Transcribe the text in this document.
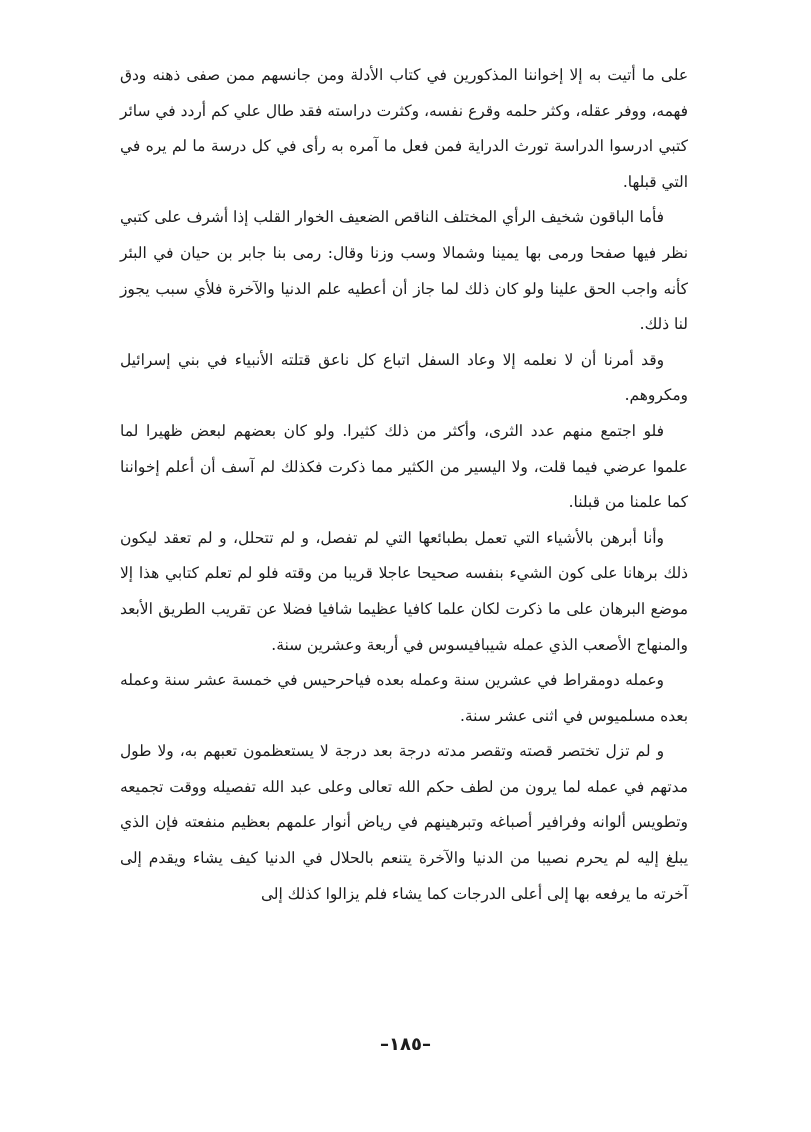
على ما أتيت به إلا إخواننا المذكورين في كتاب الأدلة ومن جانسهم ممن صفى ذهنه ودق فهمه، ووفر عقله، وكثر حلمه وقرع نفسه، وكثرت دراسته فقد طال علي كم أردد في سائر كتبي ادرسوا الدراسة تورث الدراية فمن فعل ما آمره به رأى في كل درسة ما لم يره في التي قبلها.

فأما الباقون شخيف الرأي المختلف الناقص الضعيف الخوار القلب إذا أشرف على كتبي نظر فيها صفحا ورمى بها يمينا وشمالا وسب وزنا وقال: رمى بنا جابر بن حيان في البئر كأنه واجب الحق علينا ولو كان ذلك لما جاز أن أعطيه علم الدنيا والآخرة فلأي سبب يجوز لنا ذلك.

وقد أمرنا أن لا نعلمه إلا وعاد السفل اتباع كل ناعق قتلته الأنبياء في بني إسرائيل ومكروهم.

فلو اجتمع منهم عدد الثرى، وأكثر من ذلك كثيرا. ولو كان بعضهم لبعض ظهيرا لما علموا عرضي فيما قلت، ولا اليسير من الكثير مما ذكرت فكذلك لم آسف أن أعلم إخواننا كما علمنا من قبلنا.

وأنا أبرهن بالأشياء التي تعمل بطبائعها التي لم تفصل، و لم تتحلل، و لم تعقد ليكون ذلك برهانا على كون الشيء بنفسه صحيحا عاجلا قريبا من وقته فلو لم تعلم كتابي هذا إلا موضع البرهان على ما ذكرت لكان علما كافيا عظيما شافيا فضلا عن تقريب الطريق الأبعد والمنهاج الأصعب الذي عمله شيبافيسوس في أربعة وعشرين سنة.

وعمله دومقراط في عشرين سنة وعمله بعده فياحرحيس في خمسة عشر سنة وعمله بعده مسلميوس في اثنى عشر سنة.

و لم تزل تختصر قصته وتقصر مدته درجة بعد درجة لا يستعظمون تعبهم به، ولا طول مدتهم في عمله لما يرون من لطف حكم الله تعالى وعلى عبد الله تفصيله ووقت تجميعه وتطويس ألوانه وفرافير أصباغه وتبرهينهم في رياض أنوار علمهم بعظيم منفعته فإن الذي يبلغ إليه لم يحرم نصيبا من الدنيا والآخرة يتنعم بالحلال في الدنيا كيف يشاء ويقدم إلى آخرته ما يرفعه بها إلى أعلى الدرجات كما يشاء فلم يزالوا كذلك إلى

–١٨٥–
